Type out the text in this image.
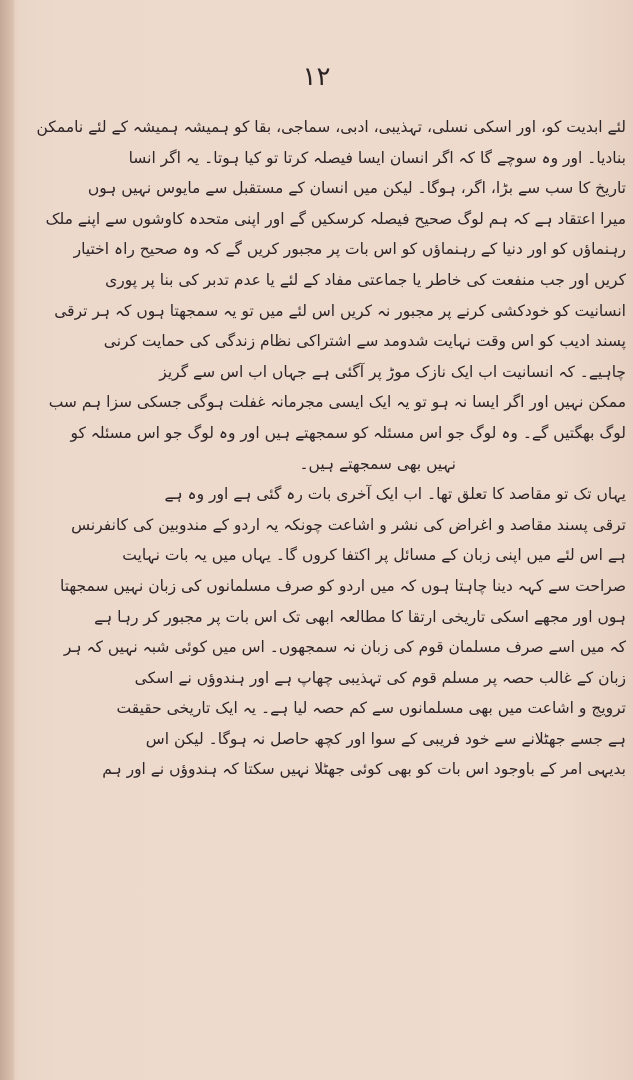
۱۲
لئے ابدیت کو، اور اسکی نسلی، تہذیبی، ادبی، سماجی، بقا کو ہمیشہ ہمیشہ کے لئے ناممکن
بنادیا۔ اور وہ سوچے گا کہ اگر انسان ایسا فیصلہ کرتا تو کیا ہوتا۔ یہ اگر انسا
تاریخ کا سب سے بڑا، اگر، ہوگا۔ لیکن میں انسان کے مستقبل سے مایوس نہیں ہوں
میرا اعتقاد ہے کہ ہم لوگ صحیح فیصلہ کرسکیں گے اور اپنی متحدہ کاوشوں سے اپنے ملک
رہنماؤں کو اور دنیا کے رہنماؤں کو اس بات پر مجبور کریں گے کہ وہ صحیح راہ اختیار
کریں اور جب منفعت کی خاطر یا جماعتی مفاد کے لئے یا عدم تدبر کی بنا پر پوری
انسانیت کو خودکشی کرنے پر مجبور نہ کریں اس لئے میں تو یہ سمجھتا ہوں کہ ہر ترقی
پسند ادیب کو اس وقت نہایت شدومد سے اشتراکی نظام زندگی کی حمایت کرنی
چاہیے۔ کہ انسانیت اب ایک نازک موڑ پر آگئی ہے جہاں اب اس سے گریز
ممکن نہیں اور اگر ایسا نہ ہو تو یہ ایک ایسی مجرمانہ غفلت ہوگی جسکی سزا ہم سب
لوگ بھگتیں گے۔ وہ لوگ جو اس مسئلہ کو سمجھتے ہیں اور وہ لوگ جو اس مسئلہ کو
نہیں بھی سمجھتے ہیں۔
یہاں تک تو مقاصد کا تعلق تھا۔ اب ایک آخری بات رہ گئی ہے اور وہ ہے
ترقی پسند مقاصد و اغراض کی نشر و اشاعت چونکہ یہ اردو کے مندوبین کی کانفرنس
ہے اس لئے میں اپنی زبان کے مسائل پر اکتفا کروں گا۔ یہاں میں یہ بات نہایت
صراحت سے کہہ دینا چاہتا ہوں کہ میں اردو کو صرف مسلمانوں کی زبان نہیں سمجھتا
ہوں اور مجھے اسکی تاریخی ارتقا کا مطالعہ ابھی تک اس بات پر مجبور کر رہا ہے
کہ میں اسے صرف مسلمان قوم کی زبان نہ سمجھوں۔ اس میں کوئی شبہ نہیں کہ ہر
زبان کے غالب حصہ پر مسلم قوم کی تہذیبی چھاپ ہے اور ہندوؤں نے اسکی
ترویج و اشاعت میں بھی مسلمانوں سے کم حصہ لیا ہے۔ یہ ایک تاریخی حقیقت
ہے جسے جھٹلانے سے خود فریبی کے سوا اور کچھ حاصل نہ ہوگا۔ لیکن اس
بدیہی امر کے باوجود اس بات کو بھی کوئی جھٹلا نہیں سکتا کہ ہندوؤں نے اور ہم
